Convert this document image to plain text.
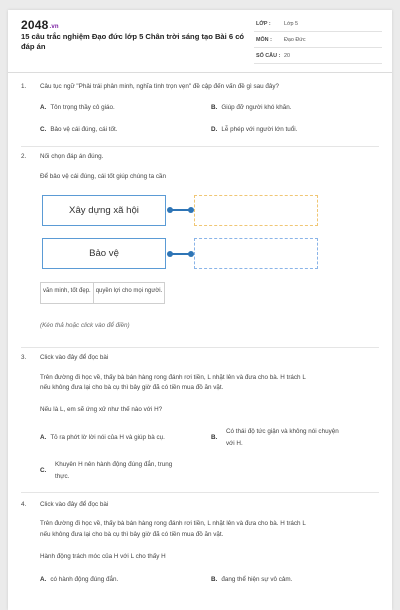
2048.vn
15 câu trắc nghiệm Đạo đức lớp 5 Chân trời sáng tạo Bài 6 có đáp án
LỚP : Lớp 5
MÔN : Đạo Đức
SỐ CÂU : 20
1. Câu tục ngữ "Phải trái phân minh, nghĩa tình trọn vẹn" đề cập đến vấn đề gì sau đây?
A. Tôn trọng thầy cô giáo.	B. Giúp đỡ người khó khăn.
C. Bảo vệ cái đúng, cái tốt.	D. Lễ phép với người lớn tuổi.
2. Nối chọn đáp án đúng.
Để bảo vệ cái đúng, cái tốt giúp chúng ta cần
Xây dựng xã hội
Bảo vệ
văn minh, tốt đẹp. quyền lợi cho mọi người.
(Kéo thả hoặc click vào để điền)
3. Click vào đây để đọc bài
Trên đường đi học về, thấy bà bán hàng rong đánh rơi tiền, L nhặt lên và đưa cho bà. H trách L
nếu không đưa lại cho bà cụ thì bây giờ đã có tiền mua đồ ăn vặt.
Nếu là L, em sẽ ứng xử như thế nào với H?
A. Tỏ ra phớt lờ lời nói của H và giúp bà cụ.	B.
Có thái độ tức giận và không nói chuyện
với H.
C.
Khuyên H nên hành động đúng đắn, trung
thực.
4. Click vào đây để đọc bài
Trên đường đi học về, thấy bà bán hàng rong đánh rơi tiền, L nhặt lên và đưa cho bà. H trách L
nếu không đưa lại cho bà cụ thì bây giờ đã có tiền mua đồ ăn vặt.
Hành động trách móc của H với L cho thấy H
A. có hành động đúng đắn.	B. đang thể hiện sự vô cảm.
